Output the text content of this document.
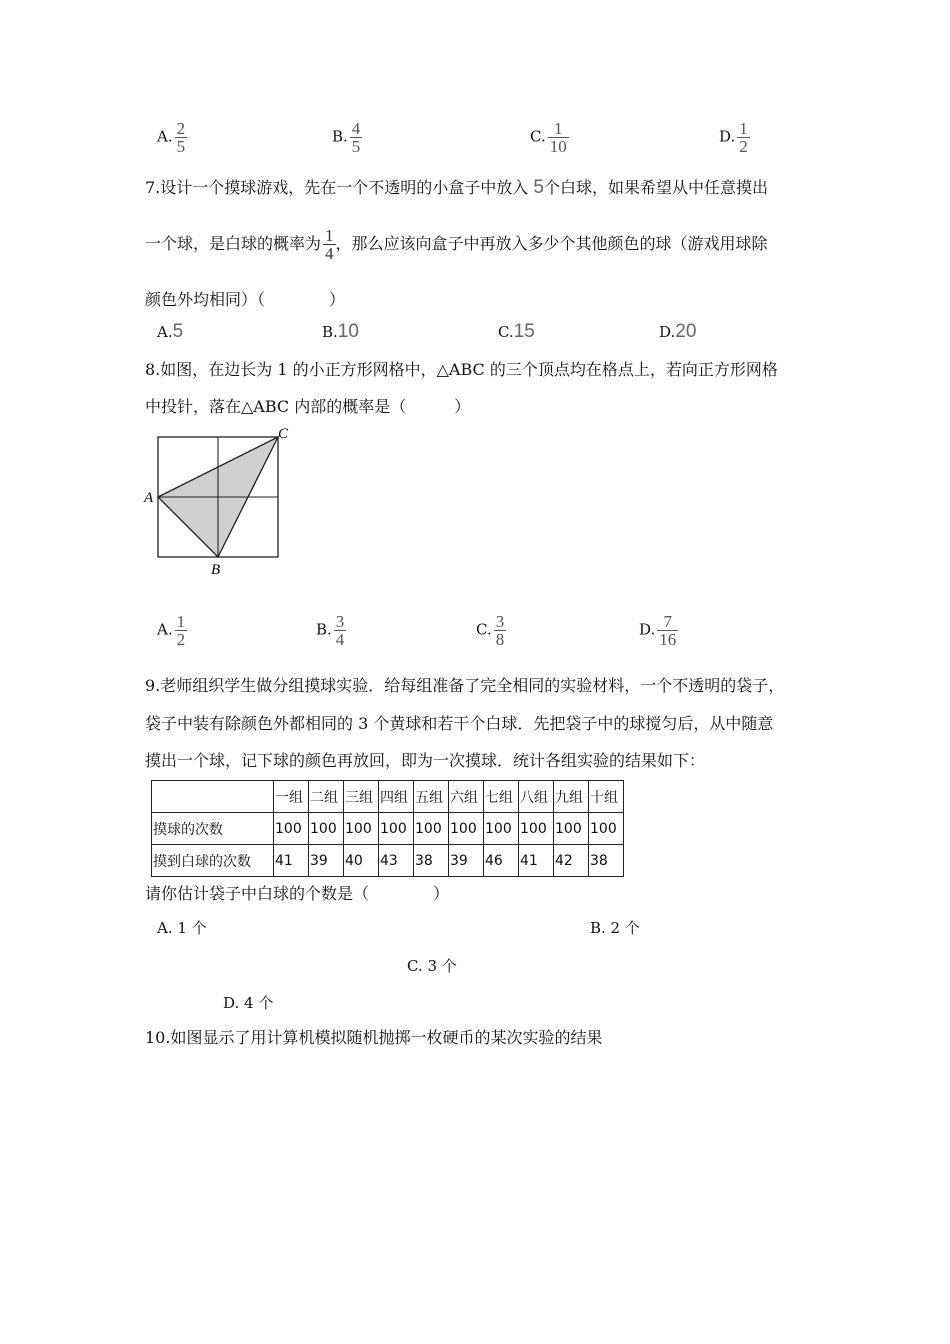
A. $\frac{2}{5}$	B. $\frac{4}{5}$	C. $\frac{1}{10}$	D. $\frac{1}{2}$
7.设计一个摸球游戏，先在一个不透明的小盒子中放入 5个白球，如果希望从中任意摸出
一个球，是白球的概率为 $\frac{1}{4}$ ，那么应该向盒子中再放入多少个其他颜色的球（游戏用球除
颜色外均相同）（　　　　）
A.5	B.10	C.15	D.20
8.如图，在边长为 1 的小正方形网格中，△ABC 的三个顶点均在格点上，若向正方形网格
中投针，落在△ABC 内部的概率是（　　　）
A
B
C
A. $\frac{1}{2}$	B. $\frac{3}{4}$	C. $\frac{3}{8}$	D. $\frac{7}{16}$
9.老师组织学生做分组摸球实验．给每组准备了完全相同的实验材料，一个不透明的袋子，
袋子中装有除颜色外都相同的 3 个黄球和若干个白球．先把袋子中的球搅匀后，从中随意
摸出一个球，记下球的颜色再放回，即为一次摸球．统计各组实验的结果如下：
	一组	二组	三组	四组	五组	六组	七组	八组	九组	十组
摸球的次数	100	100	100	100	100	100	100	100	100	100
摸到白球的次数	41	39	40	43	38	39	46	41	42	38
请你估计袋子中白球的个数是（　　　　）
A. 1 个	B. 2 个
C. 3 个
D. 4 个
10.如图显示了用计算机模拟随机抛掷一枚硬币的某次实验的结果
